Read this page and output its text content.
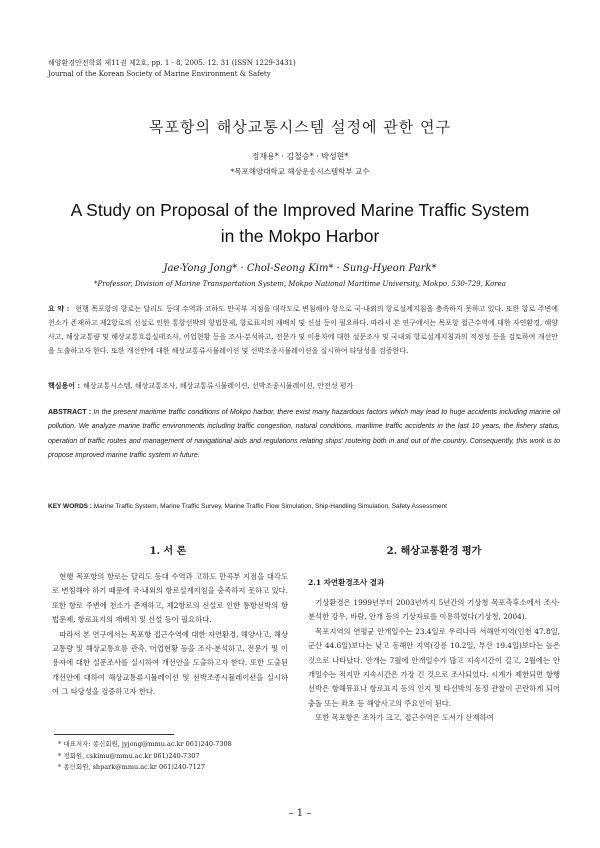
해양환경안전학회 제11권 제2호, pp. 1 - 8, 2005. 12. 31 (ISSN 1229-3431)
Journal of the Korean Society of Marine Environment & Safety
목포항의 해상교통시스템 설정에 관한 연구
정재용* · 김철승* · 박성현*
*목포해양대학교 해상운송시스템학부 교수
A Study on Proposal of the Improved Marine Traffic System
in the Mokpo Harbor
Jae-Yong Jong* · Chol-Seong Kim* · Sung-Hyeon Park*
*Professor, Division of Marine Transportation System, Mokpo National Maritime University, Mokpo, 530-729, Korea
요 약 : 현행 목포항의 항로는 달리도 등대 수역과 고하도 만곡부 지점을 대각도로 변침해야 항으로 국·내외의 항로설계지침을 충족하지 못하고 있다. 또한 항로 주변에 천소가 존재하고 제2항로의 신설로 인한 통항선박의 항법문제, 항로표지의 재배치 및 신설 등이 필요하다. 따라서 본 연구에서는 목포항 접근수역에 대한 자연환경, 해양사고, 해상교통량 및 해상교통흐름실태조사, 어업현황 등을 조사·분석하고, 전문가 및 이용자에 대한 설문조사 및 국내외 항로설계지침과의 적정성 등을 검토하여 개선안을 도출하고자 한다. 또한 개선안에 대한 해상교통류시뮬레이션 및 선박조종시뮬레이션을 실시하여 타당성을 검증한다.
핵심용어 : 해상교통시스템, 해상교통조사, 해상교통류시뮬레이션, 선박조종시뮬레이션, 안전성 평가
ABSTRACT : In the present maritime traffic conditions of Mokpo harbor, there exist many hazardous factors which may lead to huge accidents including marine oil pollution. We analyze marine traffic environments including traffic congestion, natural conditions, maritime traffic accidents in the last 10 years, the fishery status, operation of traffic routes and management of navigational aids and regulations relating ships' routeing both in and out of the country. Consequently, this work is to propose improved marine traffic system in future.
KEY WORDS : Marine Traffic System, Marine Traffic Survey, Marine Traffic Flow Simulation, Ship-Handling Simulation, Safety Assessment
1. 서 론	2. 해상교통환경 평가

현행 목포항의 항로는 달리도 등대 수역과 고하도 만곡부 지점을 대각도로 변침해야 하기 때문에 국·내외의 항로설계지침을 충족하지 못하고 있다. 또한 항로 주변에 천소가 존재하고, 제2항로의 신설로 인한 통항선박의 항법문제, 항로표지의 재배치 및 신설 등이 필요하다.

따라서 본 연구에서는 목포항 접근수역에 대한 자연환경, 해양사고, 해상교통량 및 해상교통흐름 관측, 어업현황 등을 조사·분석하고, 전문가 및 이용자에 대한 설문조사를 실시하여 개선안을 도출하고자 한다. 또한 도출된 개선안에 대하여 해상교통류시뮬레이션 및 선박조종시뮬레이션을 실시하여 그 타당성을 검증하고자 한다.

2.1 자연환경조사 결과

기상환경은 1999년부터 2003년까지 5년간의 기상청 목포측후소에서 조사·분석한 강우, 바람, 안개 등의 기상자료를 이용하였다(기상청, 2004).

목포지역의 연평균 안개일수는 23.4일로 우리나라 서해안지역(인천 47.8일, 군산 44.6일)보다는 낮고 동해안 지역(강릉 10.2일, 부산 19.4일)보다는 높은 것으로 나타났다. 안개는 7월에 안개일수가 많고 지속시간이 길고, 2월에는 안개일수는 적지만 지속시간은 가장 긴 것으로 조사되었다. 시계가 제한되면 항행선박은 항해뮤표나 항로표지 등의 인지 및 타선박의 동정 관찰이 곤란하게 되어 충돌 또는 좌초 등 해양사고의 주요인이 된다.

또한 목포항은 조차가 크고, 접근수역은 도서가 산재하여

* 대표저자: 종신회원, jyjong@mmu.ac.kr 061)240-7308
* 정회원, cskimu@mmu.ac.kr 061)240-7307
* 종신회원, shpark@mmu.ac.kr 061)240-7127
– 1 –
